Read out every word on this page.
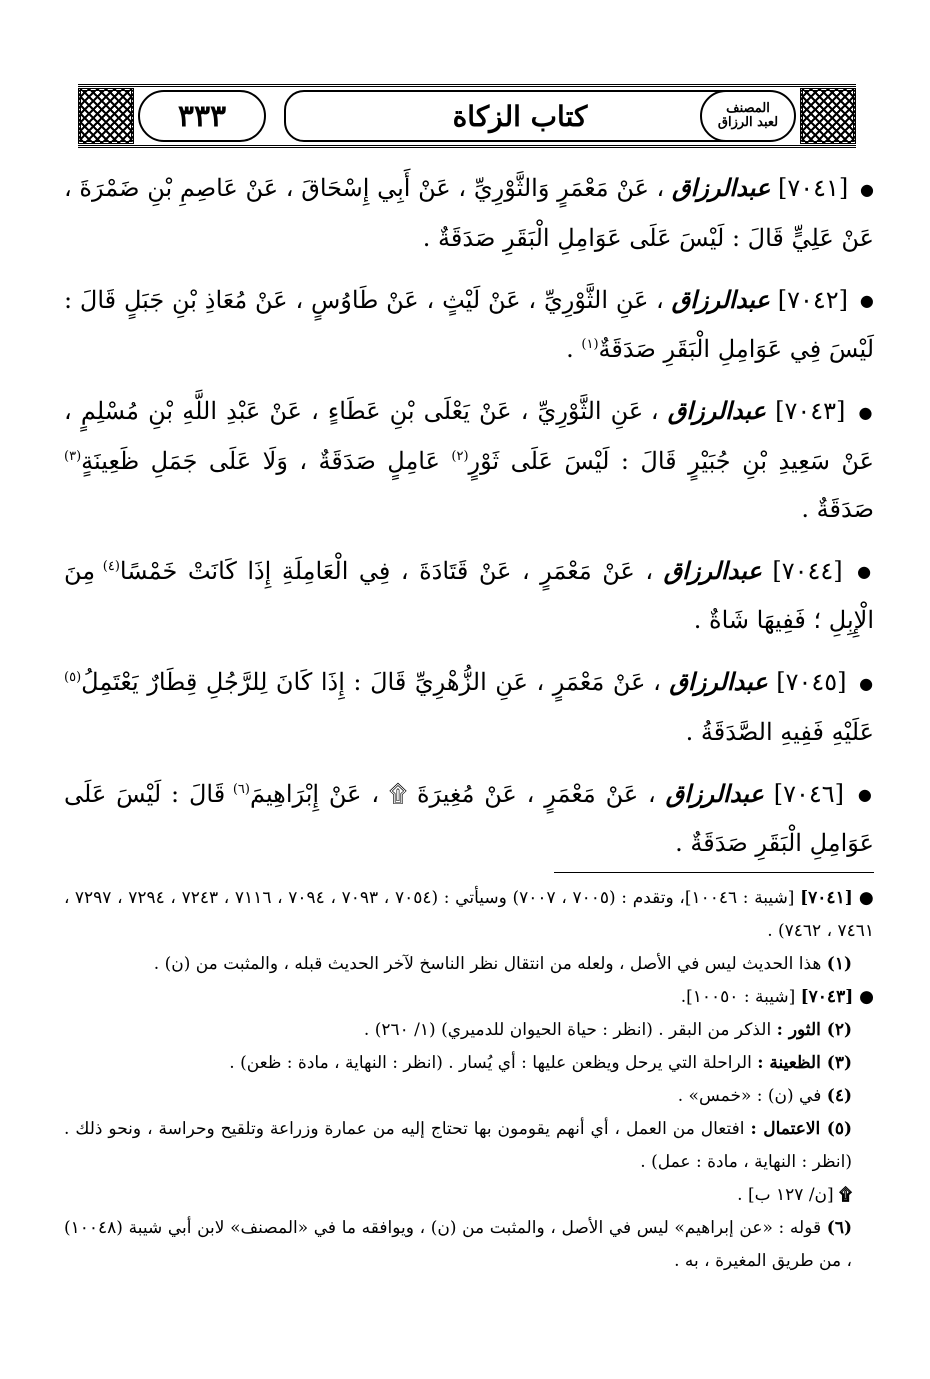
٣٣٣	كتاب الزكاة	المصنف
لعبد الرزاق
● [٧٠٤١] عبدالرزاق ، عَنْ مَعْمَرٍ وَالثَّوْرِيِّ ، عَنْ أَبِي إِسْحَاقَ ، عَنْ عَاصِمِ بْنِ ضَمْرَةَ ، عَنْ عَلِيٍّ قَالَ : لَيْسَ عَلَى عَوَامِلِ الْبَقَرِ صَدَقَةٌ .
● [٧٠٤٢] عبدالرزاق ، عَنِ الثَّوْرِيِّ ، عَنْ لَيْثٍ ، عَنْ طَاوُسٍ ، عَنْ مُعَاذِ بْنِ جَبَلٍ قَالَ : لَيْسَ فِي عَوَامِلِ الْبَقَرِ صَدَقَةٌ$^{(١)}$ .
● [٧٠٤٣] عبدالرزاق ، عَنِ الثَّوْرِيِّ ، عَنْ يَعْلَى بْنِ عَطَاءٍ ، عَنْ عَبْدِ اللَّهِ بْنِ مُسْلِمٍ ، عَنْ سَعِيدِ بْنِ جُبَيْرٍ قَالَ : لَيْسَ عَلَى ثَوْرٍ$^{(٢)}$ عَامِلٍ صَدَقَةٌ ، وَلَا عَلَى جَمَلِ ظَعِينَةٍ$^{(٣)}$ صَدَقَةٌ .
● [٧٠٤٤] عبدالرزاق ، عَنْ مَعْمَرٍ ، عَنْ قَتَادَةَ ، فِي الْعَامِلَةِ إِذَا كَانَتْ خَمْسًا$^{(٤)}$ مِنَ الْإِبِلِ ؛ فَفِيهَا شَاةٌ .
● [٧٠٤٥] عبدالرزاق ، عَنْ مَعْمَرٍ ، عَنِ الزُّهْرِيِّ قَالَ : إِذَا كَانَ لِلرَّجُلِ قِطَارٌ يَعْتَمِلُ$^{(٥)}$ عَلَيْهِ فَفِيهِ الصَّدَقَةُ .
● [٧٠٤٦] عبدالرزاق ، عَنْ مَعْمَرٍ ، عَنْ مُغِيرَةَ ۩ ، عَنْ إِبْرَاهِيمَ$^{(٦)}$ قَالَ : لَيْسَ عَلَى عَوَامِلِ الْبَقَرِ صَدَقَةٌ .
● [٧٠٤١] [شيبة : ١٠٠٤٦]، وتقدم : (٧٠٠٥ ، ٧٠٠٧) وسيأتي : (٧٠٥٤ ، ٧٠٩٣ ، ٧٠٩٤ ، ٧١١٦ ، ٧٢٤٣ ، ٧٢٩٤ ، ٧٢٩٧ ، ٧٤٦١ ، ٧٤٦٢) .
(١) هذا الحديث ليس في الأصل ، ولعله من انتقال نظر الناسخ لآخر الحديث قبله ، والمثبت من (ن) .
● [٧٠٤٣] [شيبة : ١٠٠٥٠].
(٢) الثور : الذكر من البقر . (انظر : حياة الحيوان للدميري) (١/ ٢٦٠) .
(٣) الظعينة : الراحلة التي يرحل ويظعن عليها : أي يُسار . (انظر : النهاية ، مادة : ظعن) .
(٤) في (ن) : «خمس» .
(٥) الاعتمال : افتعال من العمل ، أي أنهم يقومون بها تحتاج إليه من عمارة وزراعة وتلقيح وحراسة ، ونحو ذلك . (انظر : النهاية ، مادة : عمل) .
۩ [ن/ ١٢٧ ب] .
(٦) قوله : «عن إبراهيم» ليس في الأصل ، والمثبت من (ن) ، ويوافقه ما في «المصنف» لابن أبي شيبة (١٠٠٤٨) ، من طريق المغيرة ، به .
